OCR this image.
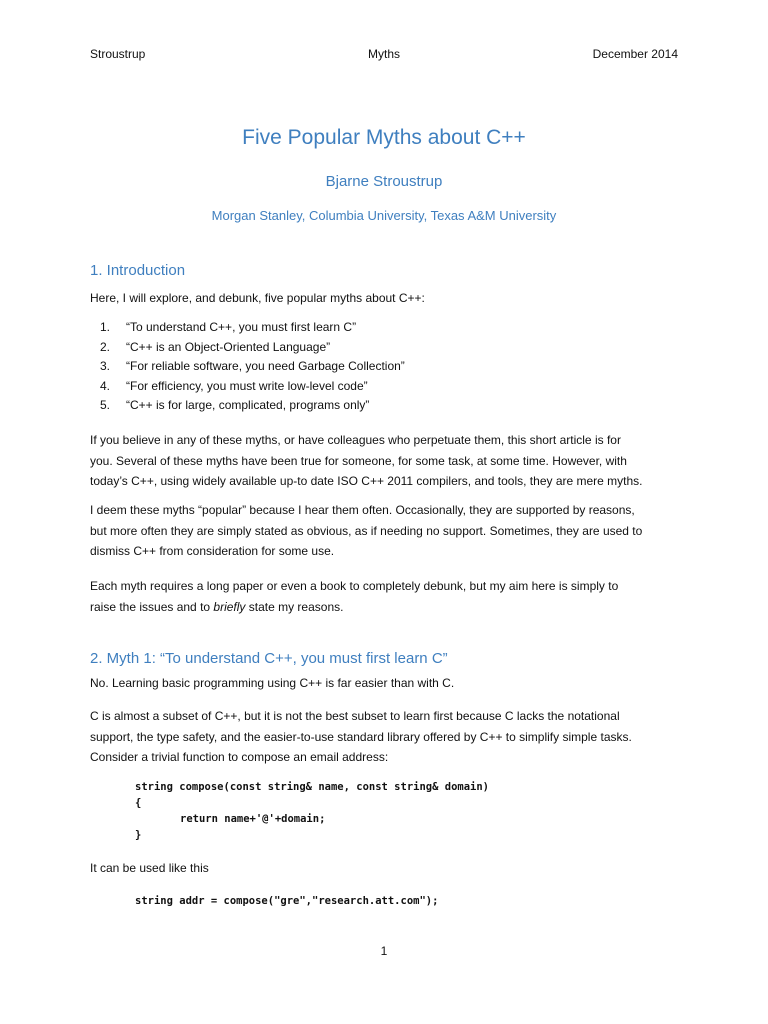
Stroustrup	Myths	December 2014
Five Popular Myths about C++
Bjarne Stroustrup
Morgan Stanley, Columbia University, Texas A&M University
1. Introduction

Here, I will explore, and debunk, five popular myths about C++:

1. “To understand C++, you must first learn C”
2. “C++ is an Object-Oriented Language”
3. “For reliable software, you need Garbage Collection”
4. “For efficiency, you must write low-level code”
5. “C++ is for large, complicated, programs only”

If you believe in any of these myths, or have colleagues who perpetuate them, this short article is for
you. Several of these myths have been true for someone, for some task, at some time. However, with
today’s C++, using widely available up-to date ISO C++ 2011 compilers, and tools, they are mere myths.

I deem these myths “popular” because I hear them often. Occasionally, they are supported by reasons,
but more often they are simply stated as obvious, as if needing no support. Sometimes, they are used to
dismiss C++ from consideration for some use.

Each myth requires a long paper or even a book to completely debunk, but my aim here is simply to
raise the issues and to briefly state my reasons.

2. Myth 1: “To understand C++, you must first learn C”

No. Learning basic programming using C++ is far easier than with C.

C is almost a subset of C++, but it is not the best subset to learn first because C lacks the notational
support, the type safety, and the easier-to-use standard library offered by C++ to simplify simple tasks.
Consider a trivial function to compose an email address:

string compose(const string& name, const string& domain)
{
return name+'@'+domain;
}

It can be used like this

string addr = compose("gre","research.att.com");
1
